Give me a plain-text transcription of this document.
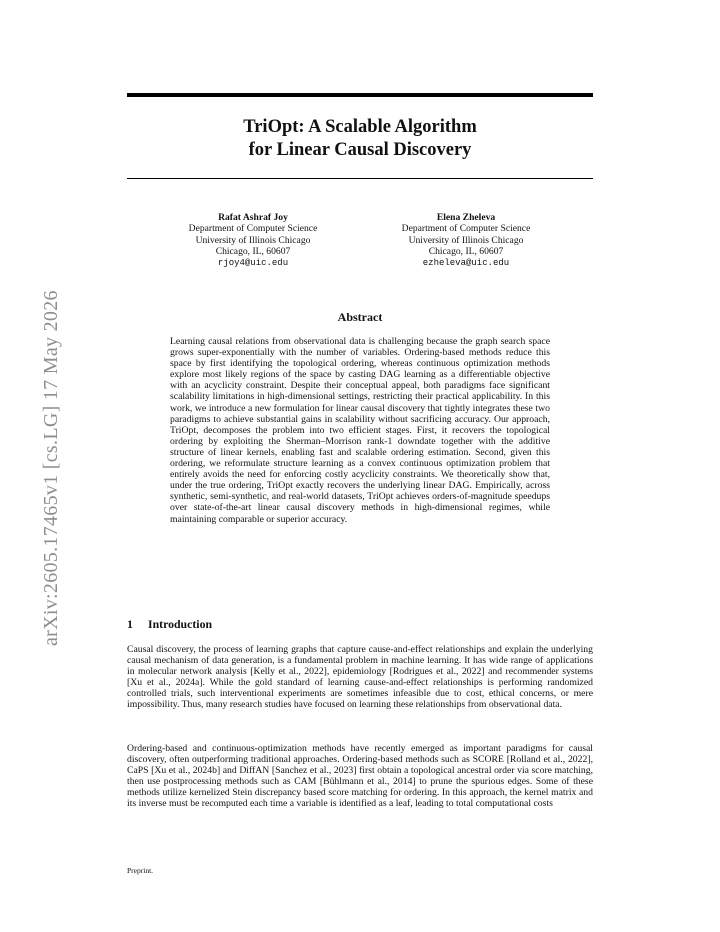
arXiv:2605.17465v1 [cs.LG] 17 May 2026
TriOpt: A Scalable Algorithm
for Linear Causal Discovery
Rafat Ashraf Joy
Department of Computer Science
University of Illinois Chicago
Chicago, IL, 60607
rjoy4@uic.edu
Elena Zheleva
Department of Computer Science
University of Illinois Chicago
Chicago, IL, 60607
ezheleva@uic.edu
Abstract
Learning causal relations from observational data is challenging because the graph search space grows super-exponentially with the number of variables. Ordering-based methods reduce this space by first identifying the topological ordering, whereas continuous optimization methods explore most likely regions of the space by casting DAG learning as a differentiable objective with an acyclicity constraint. Despite their conceptual appeal, both paradigms face significant scalability limitations in high-dimensional settings, restricting their practical applicability. In this work, we introduce a new formulation for linear causal discovery that tightly integrates these two paradigms to achieve substantial gains in scalability without sacrificing accuracy. Our approach, TriOpt, decomposes the problem into two efficient stages. First, it recovers the topological ordering by exploiting the Sherman–Morrison rank-1 downdate together with the additive structure of linear kernels, enabling fast and scalable ordering estimation. Second, given this ordering, we reformulate structure learning as a convex continuous optimization problem that entirely avoids the need for enforcing costly acyclicity constraints. We theoretically show that, under the true ordering, TriOpt exactly recovers the underlying linear DAG. Empirically, across synthetic, semi-synthetic, and real-world datasets, TriOpt achieves orders-of-magnitude speedups over state-of-the-art linear causal discovery methods in high-dimensional regimes, while maintaining comparable or superior accuracy.
1 Introduction
Causal discovery, the process of learning graphs that capture cause-and-effect relationships and explain the underlying causal mechanism of data generation, is a fundamental problem in machine learning. It has wide range of applications in molecular network analysis [Kelly et al., 2022], epidemiology [Rodrigues et al., 2022] and recommender systems [Xu et al., 2024a]. While the gold standard of learning cause-and-effect relationships is performing randomized controlled trials, such interventional experiments are sometimes infeasible due to cost, ethical concerns, or mere impossibility. Thus, many research studies have focused on learning these relationships from observational data.
Ordering-based and continuous-optimization methods have recently emerged as important paradigms for causal discovery, often outperforming traditional approaches. Ordering-based methods such as SCORE [Rolland et al., 2022], CaPS [Xu et al., 2024b] and DiffAN [Sanchez et al., 2023] first obtain a topological ancestral order via score matching, then use postprocessing methods such as CAM [Bühlmann et al., 2014] to prune the spurious edges. Some of these methods utilize kernelized Stein discrepancy based score matching for ordering. In this approach, the kernel matrix and its inverse must be recomputed each time a variable is identified as a leaf, leading to total computational costs
Preprint.
